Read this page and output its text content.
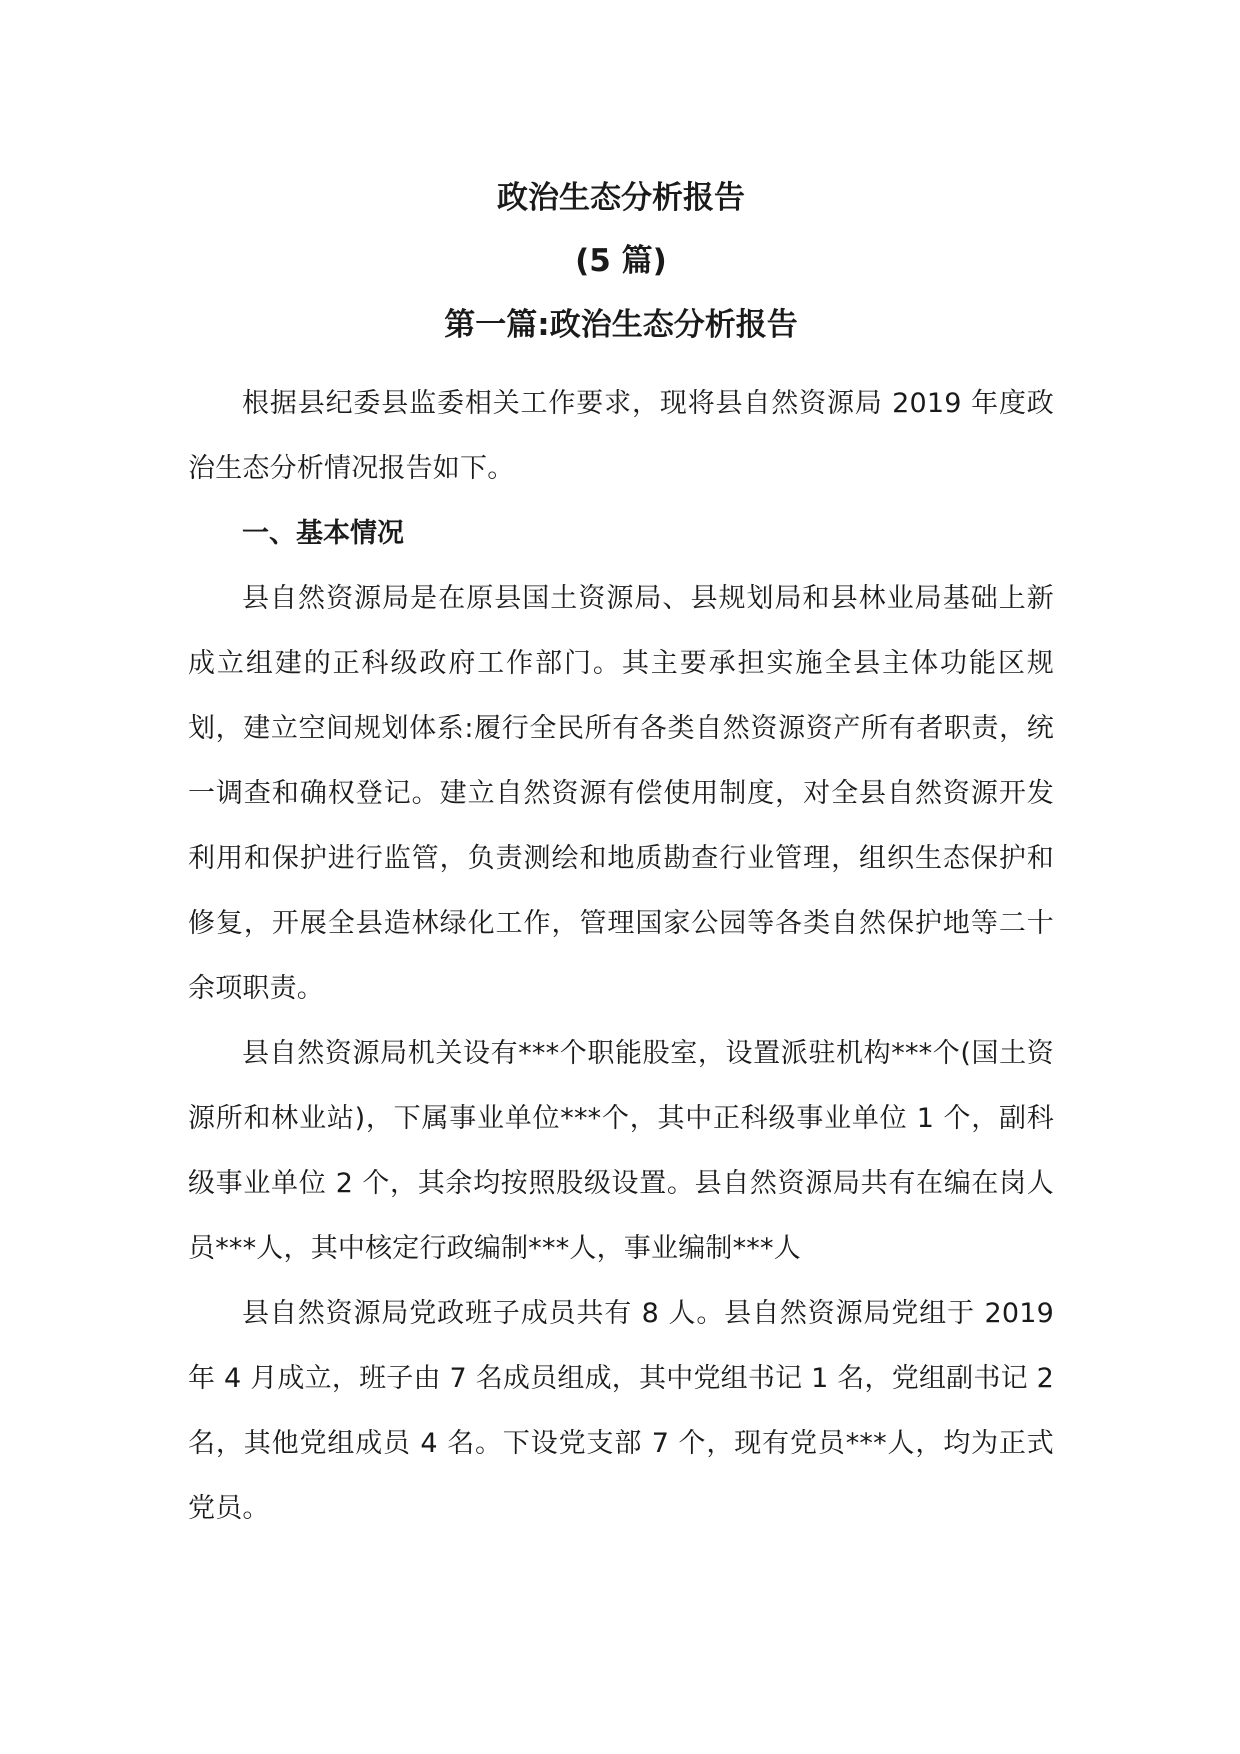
政治生态分析报告
(5 篇)
第一篇:政治生态分析报告

根据县纪委县监委相关工作要求，现将县自然资源局 2019 年度政治生态分析情况报告如下。

一、基本情况

县自然资源局是在原县国土资源局、县规划局和县林业局基础上新成立组建的正科级政府工作部门。其主要承担实施全县主体功能区规划，建立空间规划体系:履行全民所有各类自然资源资产所有者职责，统一调查和确权登记。建立自然资源有偿使用制度，对全县自然资源开发利用和保护进行监管，负责测绘和地质勘查行业管理，组织生态保护和修复，开展全县造林绿化工作，管理国家公园等各类自然保护地等二十余项职责。

县自然资源局机关设有***个职能股室，设置派驻机构***个(国土资源所和林业站)，下属事业单位***个，其中正科级事业单位 1 个，副科级事业单位 2 个，其余均按照股级设置。县自然资源局共有在编在岗人员***人，其中核定行政编制***人，事业编制***人

县自然资源局党政班子成员共有 8 人。县自然资源局党组于 2019 年 4 月成立，班子由 7 名成员组成，其中党组书记 1 名，党组副书记 2 名，其他党组成员 4 名。下设党支部 7 个，现有党员***人，均为正式党员。
